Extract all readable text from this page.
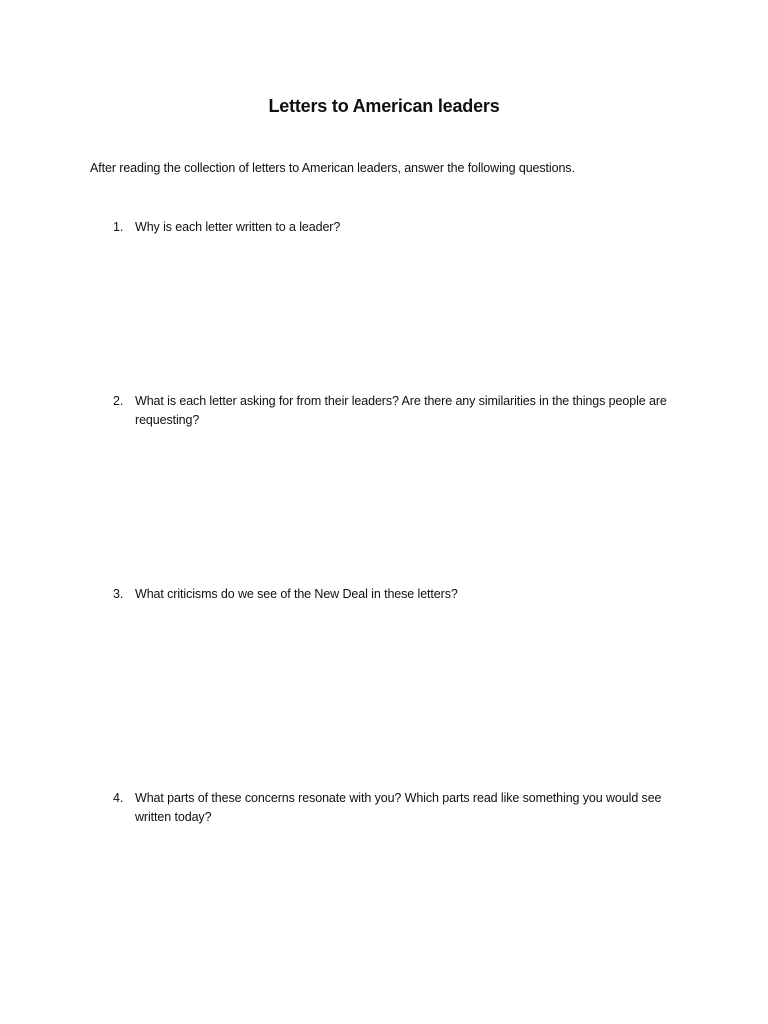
Letters to American leaders
After reading the collection of letters to American leaders, answer the following questions.
1. Why is each letter written to a leader?
2. What is each letter asking for from their leaders? Are there any similarities in the things people are requesting?
3. What criticisms do we see of the New Deal in these letters?
4. What parts of these concerns resonate with you? Which parts read like something you would see written today?
